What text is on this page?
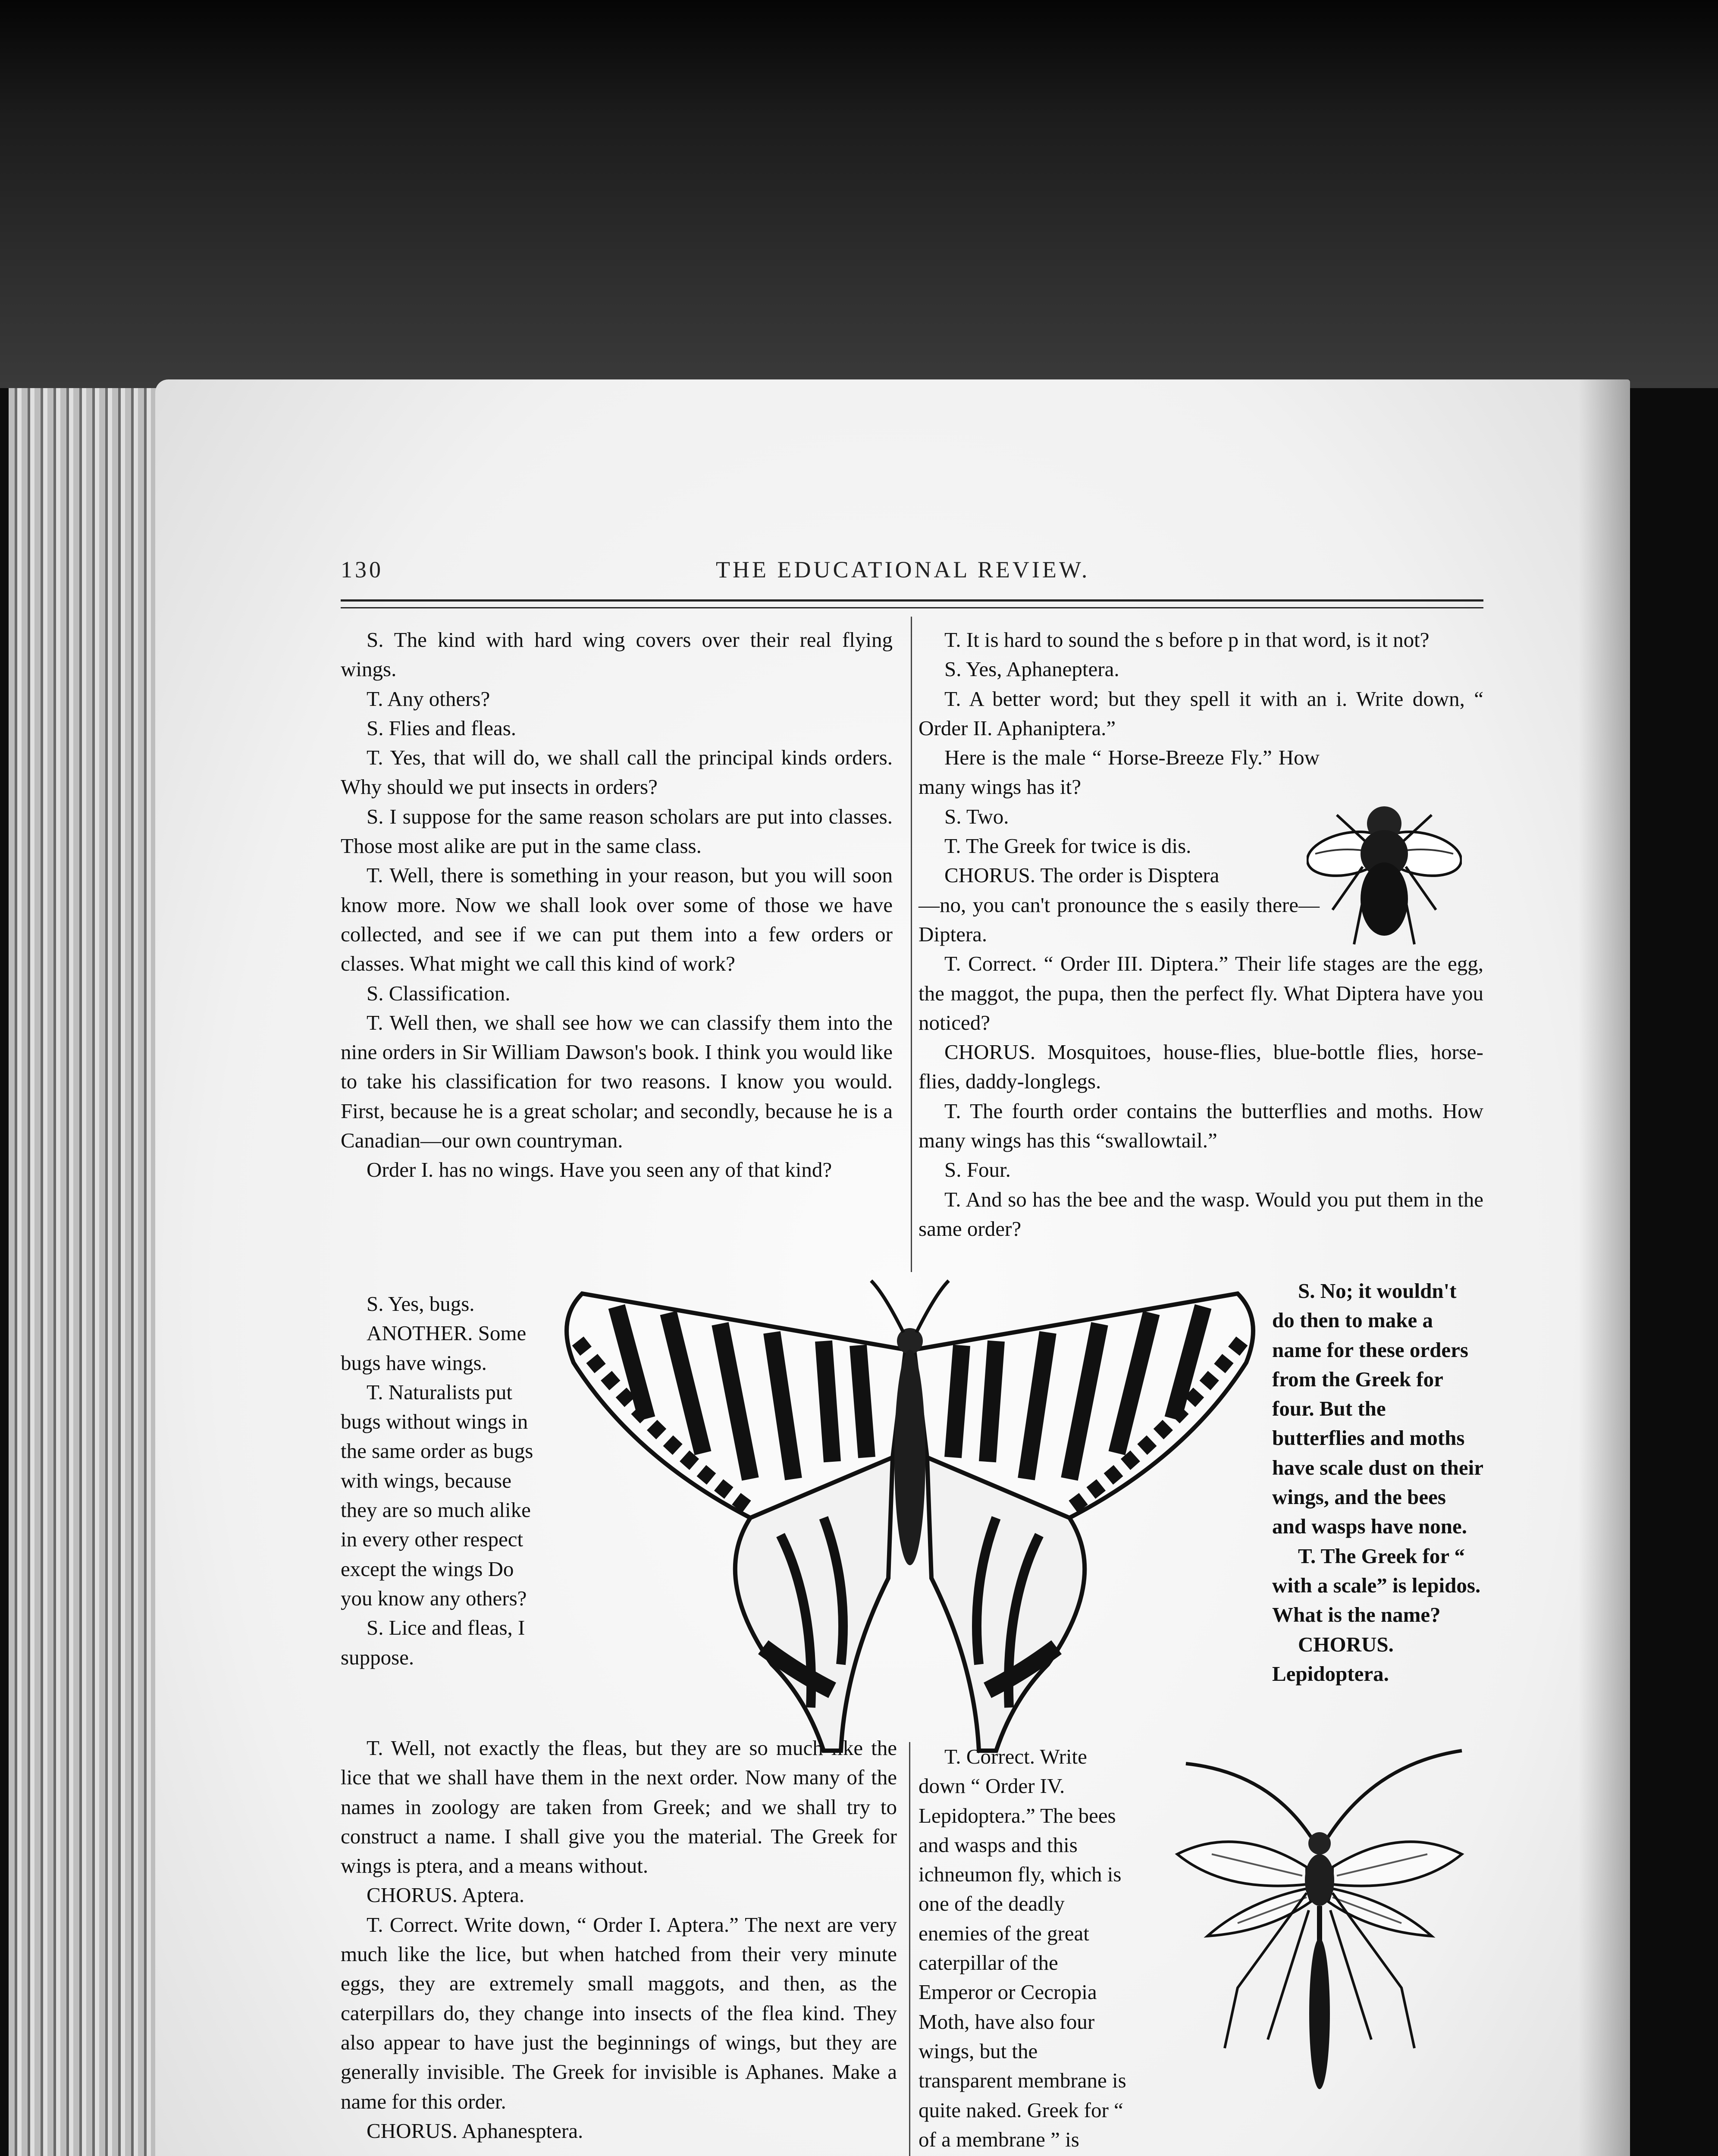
130	THE EDUCATIONAL REVIEW.

S. The kind with hard wing covers over their real flying wings.

T. Any others?

S. Flies and fleas.

T. Yes, that will do, we shall call the principal kinds orders. Why should we put insects in orders?

S. I suppose for the same reason scholars are put into classes. Those most alike are put in the same class.

T. Well, there is something in your reason, but you will soon know more. Now we shall look over some of those we have collected, and see if we can put them into a few orders or classes. What might we call this kind of work?

S. Classification.

T. Well then, we shall see how we can classify them into the nine orders in Sir William Dawson's book. I think you would like to take his classification for two reasons. I know you would. First, because he is a great scholar; and secondly, because he is a Canadian—our own countryman.

Order I. has no wings. Have you seen any of that kind?

S. Yes, bugs.

ANOTHER. Some bugs have wings.

T. Naturalists put bugs without wings in the same order as bugs with wings, because they are so much alike in every other respect except the wings Do you know any others?

S. Lice and fleas, I suppose.

T. Well, not exactly the fleas, but they are so much like the lice that we shall have them in the next order. Now many of the names in zoology are taken from Greek; and we shall try to construct a name. I shall give you the material. The Greek for wings is ptera, and a means without.

CHORUS. Aptera.

T. Correct. Write down, “ Order I. Aptera.” The next are very much like the lice, but when hatched from their very minute eggs, they are extremely small maggots, and then, as the caterpillars do, they change into insects of the flea kind. They also appear to have just the beginnings of wings, but they are generally invisible. The Greek for invisible is Aphanes. Make a name for this order.

CHORUS. Aphanesptera.

T. It is hard to sound the s before p in that word, is it not?

S. Yes, Aphaneptera.

T. A better word; but they spell it with an i. Write down, “ Order II. Aphaniptera.”

Here is the male “ Horse-Breeze Fly.” How many wings has it?

S. Two.

T. The Greek for twice is dis.

CHORUS. The order is Disptera

—no, you can't pronounce the s easily there—Diptera.

T. Correct. “ Order III. Diptera.” Their life stages are the egg, the maggot, the pupa, then the perfect fly. What Diptera have you noticed?

CHORUS. Mosquitoes, house-flies, blue-bottle flies, horse-flies, daddy-longlegs.

T. The fourth order contains the butterflies and moths. How many wings has this “swallowtail.”

S. Four.

T. And so has the bee and the wasp. Would you put them in the same order?

S. No; it wouldn't do then to make a name for these orders from the Greek for four. But the butterflies and moths have scale dust on their wings, and the bees and wasps have none.

T. The Greek for “ with a scale” is lepidos. What is the name?

CHORUS. Lepidoptera.

T. Correct. Write down “ Order IV. Lepidoptera.” The bees and wasps and this ichneumon fly, which is one of the deadly enemies of the great caterpillar of the Emperor or Cecropia Moth, have also four wings, but the transparent membrane is quite naked. Greek for “ of a membrane ” is
